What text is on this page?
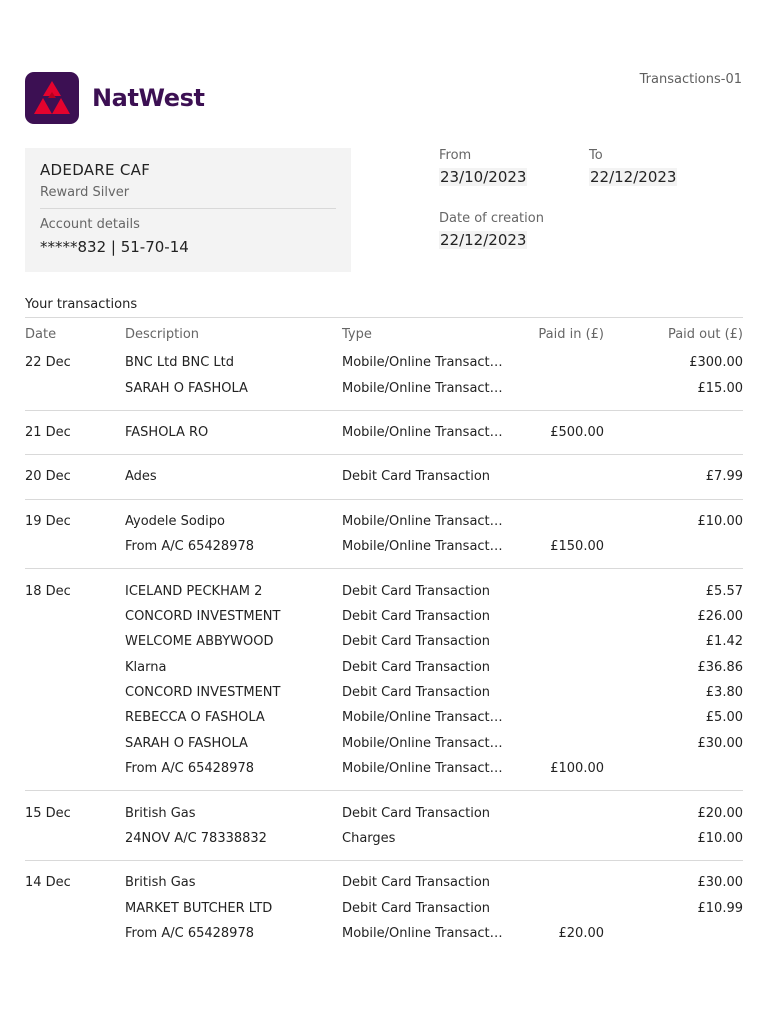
Transactions-01
NatWest
ADEDARE CAF
Reward Silver
Account details
*****832 | 51-70-14
From
23/10/2023
To
22/12/2023
Date of creation
22/12/2023
Your transactions
Date	Description	Type	Paid in (£)	Paid out (£)
22 Dec	BNC Ltd BNC Ltd	Mobile/Online Transacti…		£300.00
	SARAH O FASHOLA	Mobile/Online Transacti…		£15.00
21 Dec	FASHOLA RO	Mobile/Online Transacti…	£500.00	
20 Dec	Ades	Debit Card Transaction		£7.99
19 Dec	Ayodele Sodipo	Mobile/Online Transacti…		£10.00
	From A/C 65428978	Mobile/Online Transacti…	£150.00	
18 Dec	ICELAND PECKHAM 2	Debit Card Transaction		£5.57
	CONCORD INVESTMENT	Debit Card Transaction		£26.00
	WELCOME ABBYWOOD	Debit Card Transaction		£1.42
	Klarna	Debit Card Transaction		£36.86
	CONCORD INVESTMENT	Debit Card Transaction		£3.80
	REBECCA O FASHOLA	Mobile/Online Transacti…		£5.00
	SARAH O FASHOLA	Mobile/Online Transacti…		£30.00
	From A/C 65428978	Mobile/Online Transacti…	£100.00	
15 Dec	British Gas	Debit Card Transaction		£20.00
	24NOV A/C 78338832	Charges		£10.00
14 Dec	British Gas	Debit Card Transaction		£30.00
	MARKET BUTCHER LTD	Debit Card Transaction		£10.99
	From A/C 65428978	Mobile/Online Transacti…	£20.00	
